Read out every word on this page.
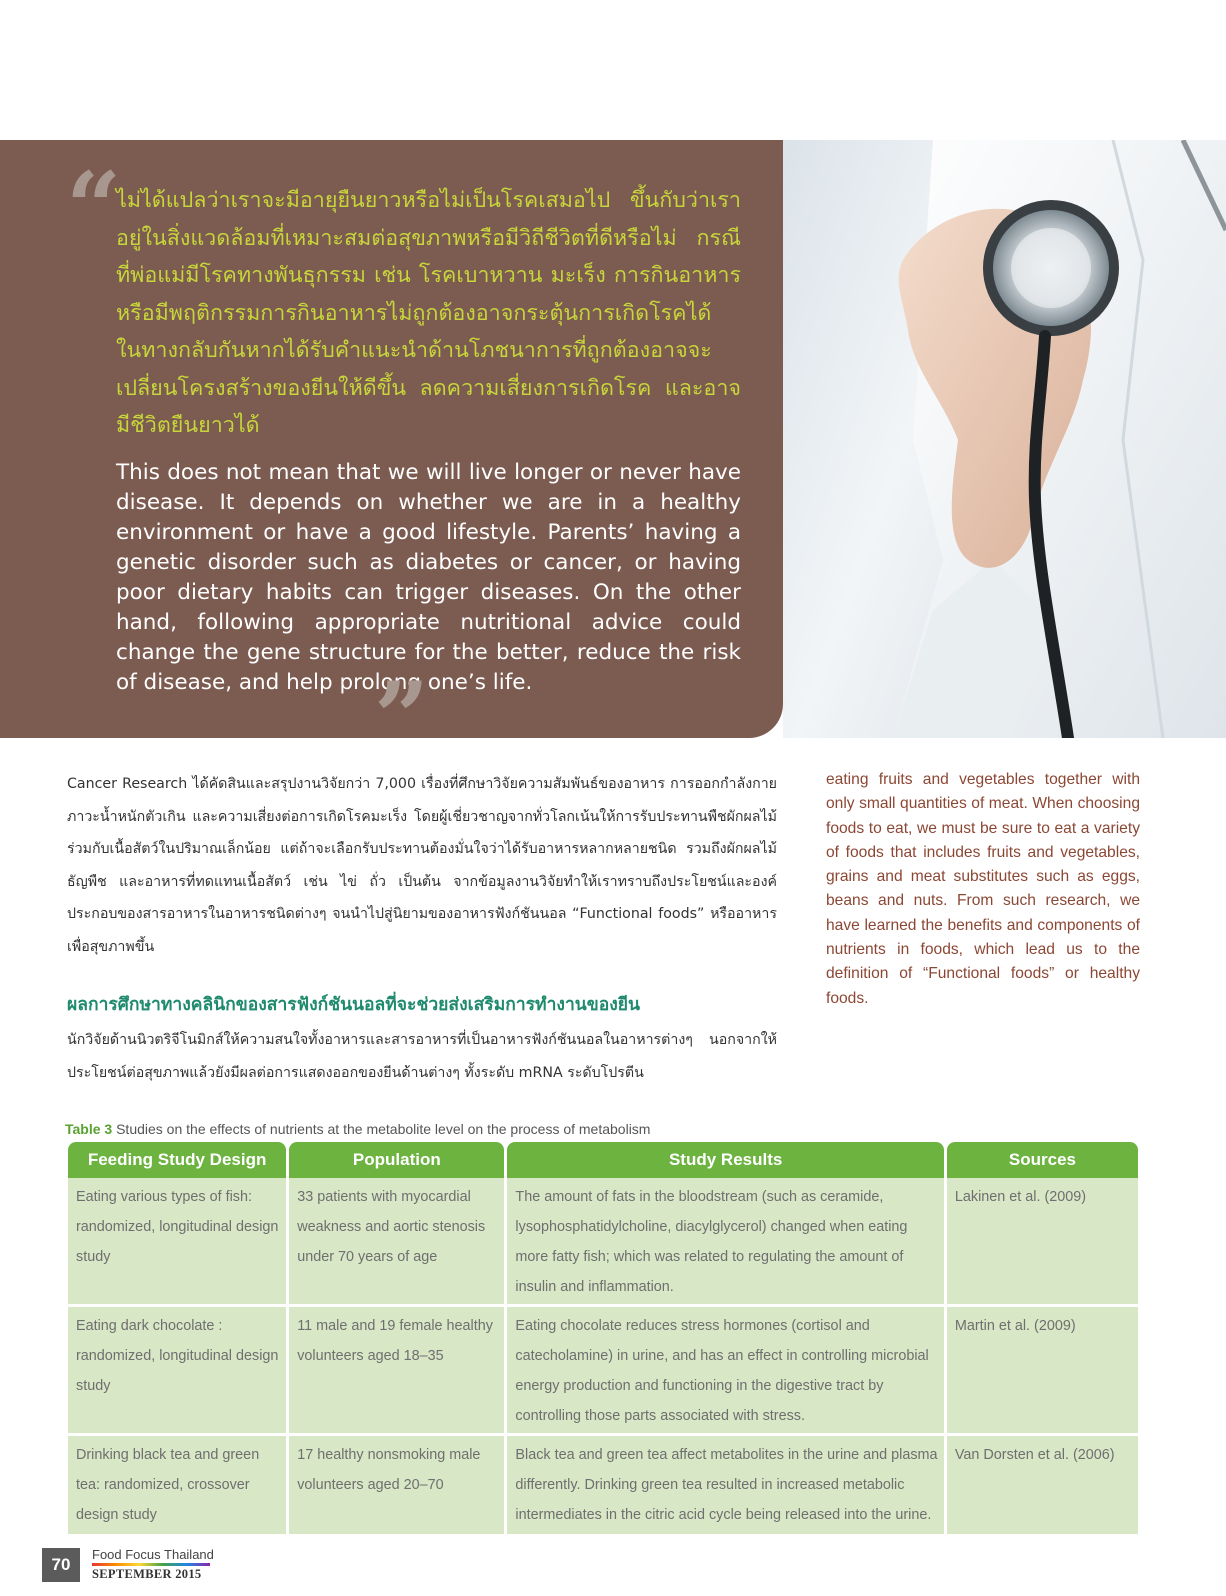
“
ไม่ได้แปลว่าเราจะมีอายุยืนยาวหรือไม่เป็นโรคเสมอไป ขึ้นกับว่าเราอยู่ในสิ่งแวดล้อมที่เหมาะสมต่อสุขภาพหรือมีวิถีชีวิตที่ดีหรือไม่ กรณีที่พ่อแม่มีโรคทางพันธุกรรม เช่น โรคเบาหวาน มะเร็ง การกินอาหารหรือมีพฤติกรรมการกินอาหารไม่ถูกต้องอาจกระตุ้นการเกิดโรคได้ ในทางกลับกันหากได้รับคำแนะนำด้านโภชนาการที่ถูกต้องอาจจะเปลี่ยนโครงสร้างของยีนให้ดีขึ้น ลดความเสี่ยงการเกิดโรค และอาจมีชีวิตยืนยาวได้
This does not mean that we will live longer or never have disease. It depends on whether we are in a healthy environment or have a good lifestyle. Parents’ having a genetic disorder such as diabetes or cancer, or having poor dietary habits can trigger diseases. On the other hand, following appropriate nutritional advice could change the gene structure for the better, reduce the risk of disease, and help prolong one’s life.
”
Cancer Research ได้คัดสินและสรุปงานวิจัยกว่า 7,000 เรื่องที่ศึกษาวิจัยความสัมพันธ์ของอาหาร การออกกำลังกาย ภาวะน้ำหนักตัวเกิน และความเสี่ยงต่อการเกิดโรคมะเร็ง โดยผู้เชี่ยวชาญจากทั่วโลกเน้นให้การรับประทานพืชผักผลไม้ร่วมกับเนื้อสัตว์ในปริมาณเล็กน้อย แต่ถ้าจะเลือกรับประทานต้องมั่นใจว่าได้รับอาหารหลากหลายชนิด รวมถึงผักผลไม้ ธัญพืช และอาหารที่ทดแทนเนื้อสัตว์ เช่น ไข่ ถั่ว เป็นต้น จากข้อมูลงานวิจัยทำให้เราทราบถึงประโยชน์และองค์ประกอบของสารอาหารในอาหารชนิดต่างๆ จนนำไปสู่นิยามของอาหารฟังก์ชันนอล “Functional foods” หรืออาหารเพื่อสุขภาพขึ้น
ผลการศึกษาทางคลินิกของสารฟังก์ชันนอลที่จะช่วยส่งเสริมการทำงานของยีน
นักวิจัยด้านนิวตริจีโนมิกส์ให้ความสนใจทั้งอาหารและสารอาหารที่เป็นอาหารฟังก์ชันนอลในอาหารต่างๆ นอกจากให้ประโยชน์ต่อสุขภาพแล้วยังมีผลต่อการแสดงออกของยีนด้านต่างๆ ทั้งระดับ mRNA ระดับโปรตีน
eating fruits and vegetables together with only small quantities of meat. When choosing foods to eat, we must be sure to eat a variety of foods that includes fruits and vegetables, grains and meat substitutes such as eggs, beans and nuts. From such research, we have learned the benefits and components of nutrients in foods, which lead us to the definition of “Functional foods” or healthy foods.
Table 3 Studies on the effects of nutrients at the metabolite level on the process of metabolism
Feeding Study Design	Population	Study Results	Sources
Eating various types of fish: randomized, longitudinal design study	33 patients with myocardial weakness and aortic stenosis under 70 years of age	The amount of fats in the bloodstream (such as ceramide, lysophosphatidylcholine, diacylglycerol) changed when eating more fatty fish; which was related to regulating the amount of insulin and inflammation.	Lakinen et al. (2009)
Eating dark chocolate : randomized, longitudinal design study	11 male and 19 female healthy volunteers aged 18–35	Eating chocolate reduces stress hormones (cortisol and catecholamine) in urine, and has an effect in controlling microbial energy production and functioning in the digestive tract by controlling those parts associated with stress.	Martin et al. (2009)
Drinking black tea and green tea: randomized, crossover design study	17 healthy nonsmoking male volunteers aged 20–70	Black tea and green tea affect metabolites in the urine and plasma differently. Drinking green tea resulted in increased metabolic intermediates in the citric acid cycle being released into the urine.	Van Dorsten et al. (2006)
70
Food Focus Thailand
SEPTEMBER 2015
